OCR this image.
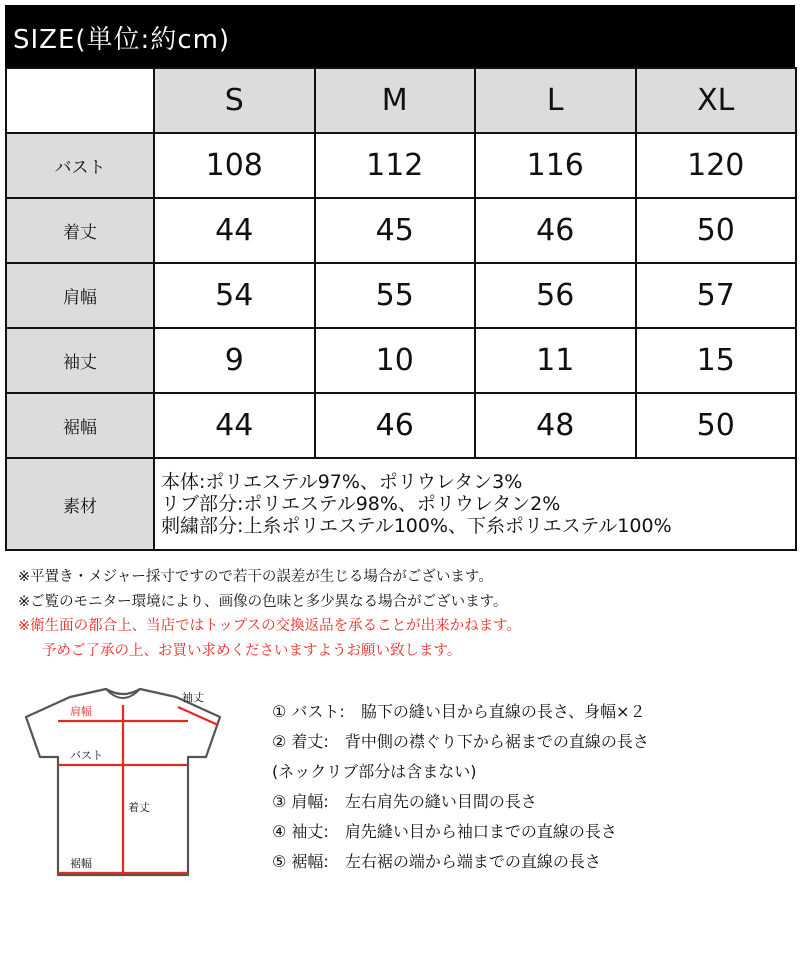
SIZE(単位:約cm)
	S	M	L	XL
バスト	108	112	116	120
着丈	44	45	46	50
肩幅	54	55	56	57
袖丈	9	10	11	15
裾幅	44	46	48	50
素材	本体:ポリエステル97%、ポリウレタン3%
リブ部分:ポリエステル98%、ポリウレタン2%
刺繍部分:上糸ポリエステル100%、下糸ポリエステル100%			
※平置き・メジャー採寸ですので若干の誤差が生じる場合がございます。
※ご覧のモニター環境により、画像の色味と多少異なる場合がございます。
※衛生面の都合上、当店ではトップスの交換返品を承ることが出来かねます。
予めご了承の上、お買い求めくださいますようお願い致します。
肩幅
袖丈
バスト
着丈
裾幅
① バスト:　脇下の縫い目から直線の長さ、身幅×２
② 着丈:　背中側の襟ぐり下から裾までの直線の長さ
(ネックリブ部分は含まない)
③ 肩幅:　左右肩先の縫い目間の長さ
④ 袖丈:　肩先縫い目から袖口までの直線の長さ
⑤ 裾幅:　左右裾の端から端までの直線の長さ
